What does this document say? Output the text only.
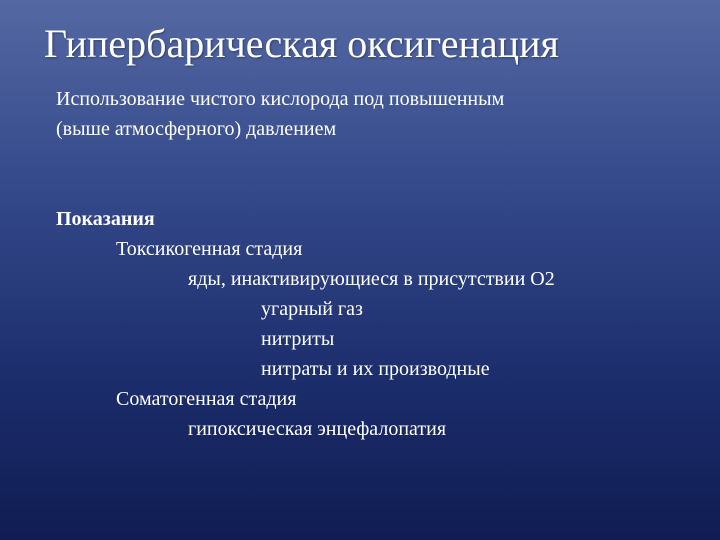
Гипербарическая оксигенация
Использование чистого кислорода под повышенным
(выше атмосферного) давлением
Показания
Токсикогенная стадия
яды, инактивирующиеся в присутствии О2
угарный газ
нитриты
нитраты и их производные
Соматогенная стадия
гипоксическая энцефалопатия
